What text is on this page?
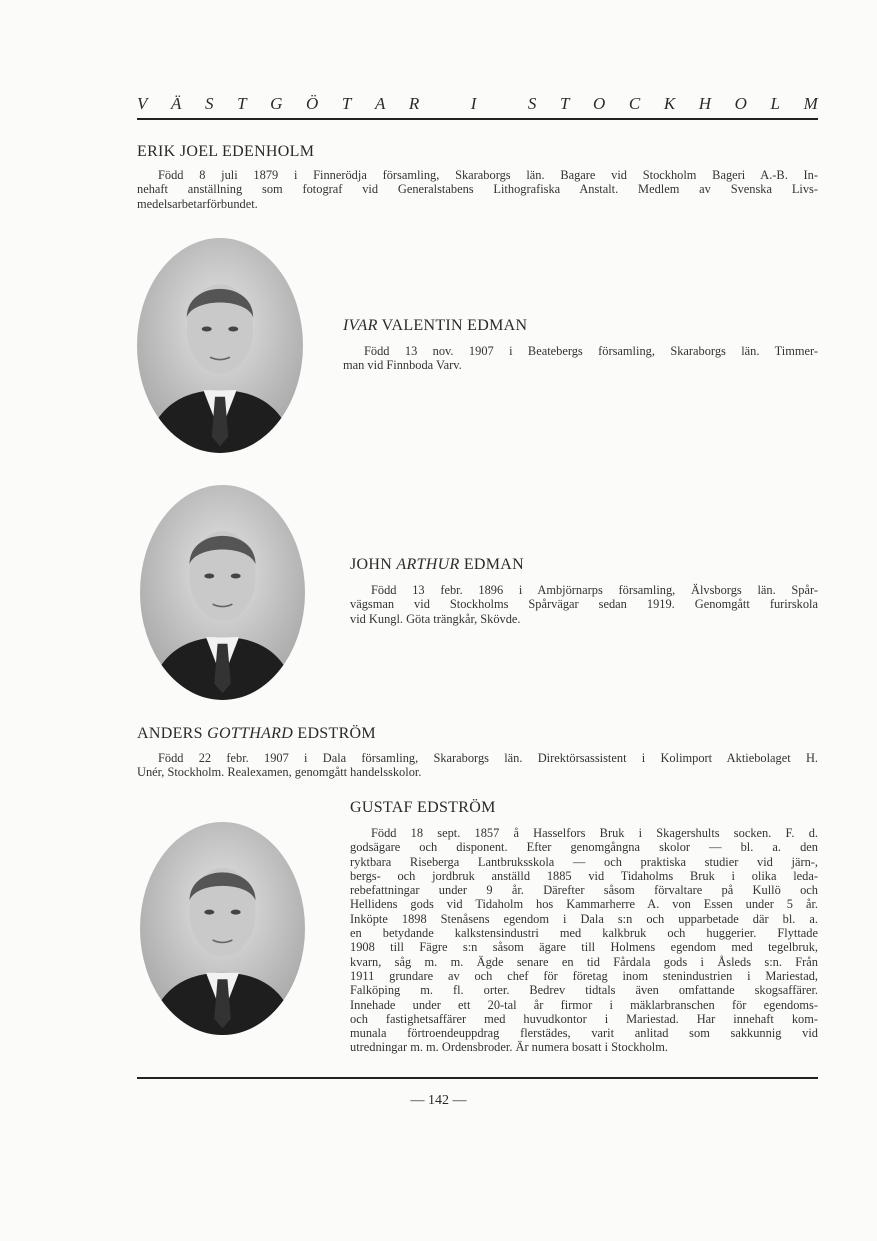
V Ä S T G Ö T A R
	I
	S T O C K H O L M
ERIK JOEL EDENHOLM
Född 8 juli 1879 i Finnerödja församling, Skaraborgs län. Bagare vid Stockholm Bageri A.-B. In-
nehaft anställning som fotograf vid Generalstabens Lithografiska Anstalt. Medlem av Svenska Livs-
medelsarbetarförbundet.
IVAR VALENTIN EDMAN
Född 13 nov. 1907 i Beatebergs församling, Skaraborgs län. Timmer-
man vid Finnboda Varv.
JOHN ARTHUR EDMAN
Född 13 febr. 1896 i Ambjörnarps församling, Älvsborgs län. Spår-
vägsman vid Stockholms Spårvägar sedan 1919. Genomgått furirskola
vid Kungl. Göta trängkår, Skövde.
ANDERS GOTTHARD EDSTRÖM
Född 22 febr. 1907 i Dala församling, Skaraborgs län. Direktörsassistent i Kolimport Aktiebolaget H.
Unér, Stockholm. Realexamen, genomgått handelsskolor.
GUSTAF EDSTRÖM
Född 18 sept. 1857 å Hasselfors Bruk i Skagershults socken. F. d.
godsägare och disponent. Efter genomgångna skolor — bl. a. den
ryktbara Riseberga Lantbruksskola — och praktiska studier vid järn-,
bergs- och jordbruk anställd 1885 vid Tidaholms Bruk i olika leda-
rebefattningar under 9 år. Därefter såsom förvaltare på Kullö och
Hellidens gods vid Tidaholm hos Kammarherre A. von Essen under 5 år.
Inköpte 1898 Stenåsens egendom i Dala s:n och upparbetade där bl. a.
en betydande kalkstensindustri med kalkbruk och huggerier. Flyttade
1908 till Fägre s:n såsom ägare till Holmens egendom med tegelbruk,
kvarn, såg m. m. Ägde senare en tid Fårdala gods i Åsleds s:n. Från
1911 grundare av och chef för företag inom stenindustrien i Mariestad,
Falköping m. fl. orter. Bedrev tidtals även omfattande skogsaffärer.
Innehade under ett 20-tal år firmor i mäklarbranschen för egendoms-
och fastighetsaffärer med huvudkontor i Mariestad. Har innehaft kom-
munala förtroendeuppdrag flerstädes, varit anlitad som sakkunnig vid
utredningar m. m. Ordensbroder. Är numera bosatt i Stockholm.
— 142 —
